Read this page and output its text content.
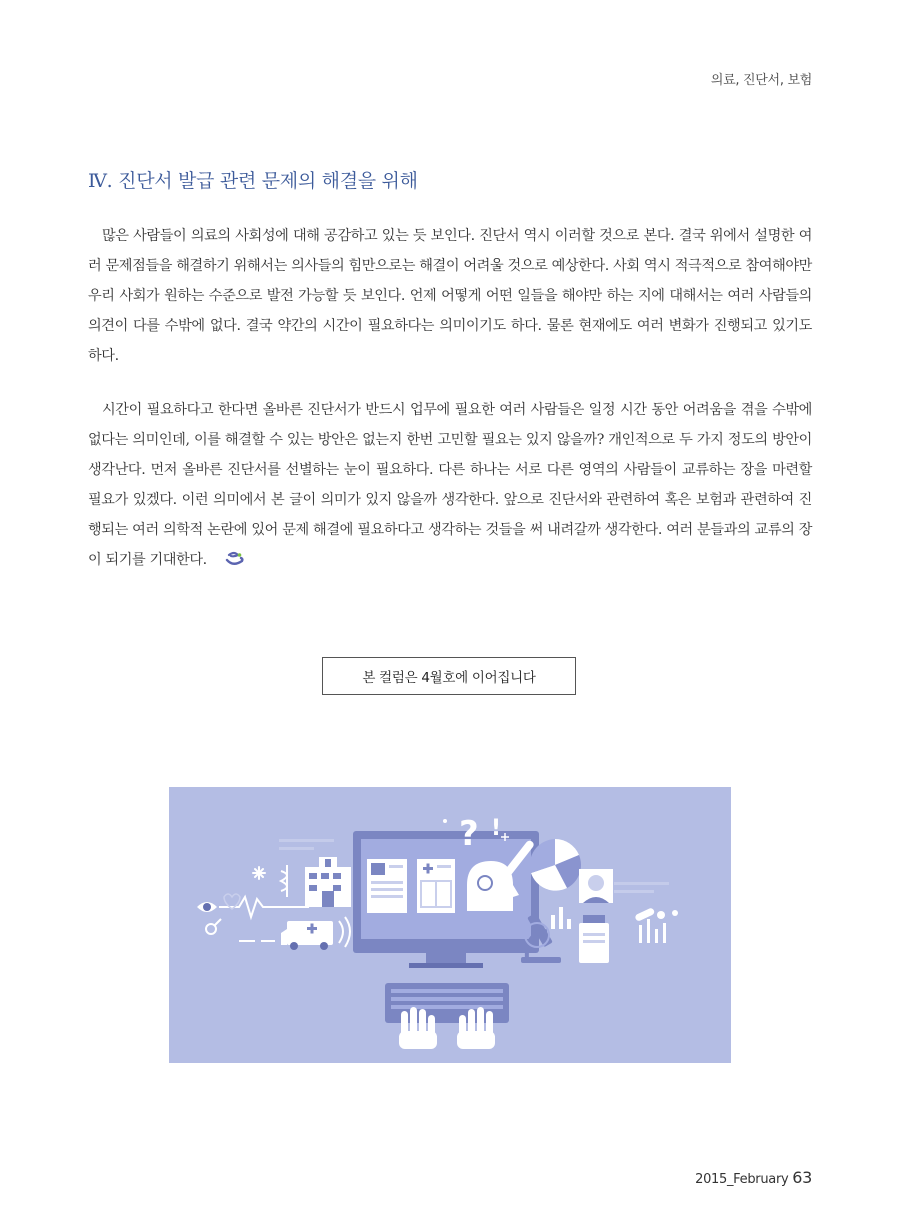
의료, 진단서, 보험
Ⅳ. 진단서 발급 관련 문제의 해결을 위해

많은 사람들이 의료의 사회성에 대해 공감하고 있는 듯 보인다. 진단서 역시 이러할 것으로 본다. 결국 위에서 설명한 여러 문제점들을 해결하기 위해서는 의사들의 힘만으로는 해결이 어려울 것으로 예상한다. 사회 역시 적극적으로 참여해야만 우리 사회가 원하는 수준으로 발전 가능할 듯 보인다. 언제 어떻게 어떤 일들을 해야만 하는 지에 대해서는 여러 사람들의 의견이 다를 수밖에 없다. 결국 약간의 시간이 필요하다는 의미이기도 하다. 물론 현재에도 여러 변화가 진행되고 있기도 하다.

시간이 필요하다고 한다면 올바른 진단서가 반드시 업무에 필요한 여러 사람들은 일정 시간 동안 어려움을 겪을 수밖에 없다는 의미인데, 이를 해결할 수 있는 방안은 없는지 한번 고민할 필요는 있지 않을까? 개인적으로 두 가지 정도의 방안이 생각난다. 먼저 올바른 진단서를 선별하는 눈이 필요하다. 다른 하나는 서로 다른 영역의 사람들이 교류하는 장을 마련할 필요가 있겠다. 이런 의미에서 본 글이 의미가 있지 않을까 생각한다. 앞으로 진단서와 관련하여 혹은 보험과 관련하여 진행되는 여러 의학적 논란에 있어 문제 해결에 필요하다고 생각하는 것들을 써 내려갈까 생각한다. 여러 분들과의 교류의 장이 되기를 기대한다.

본 컬럼은 4월호에 이어집니다
? !
2015_February 63
